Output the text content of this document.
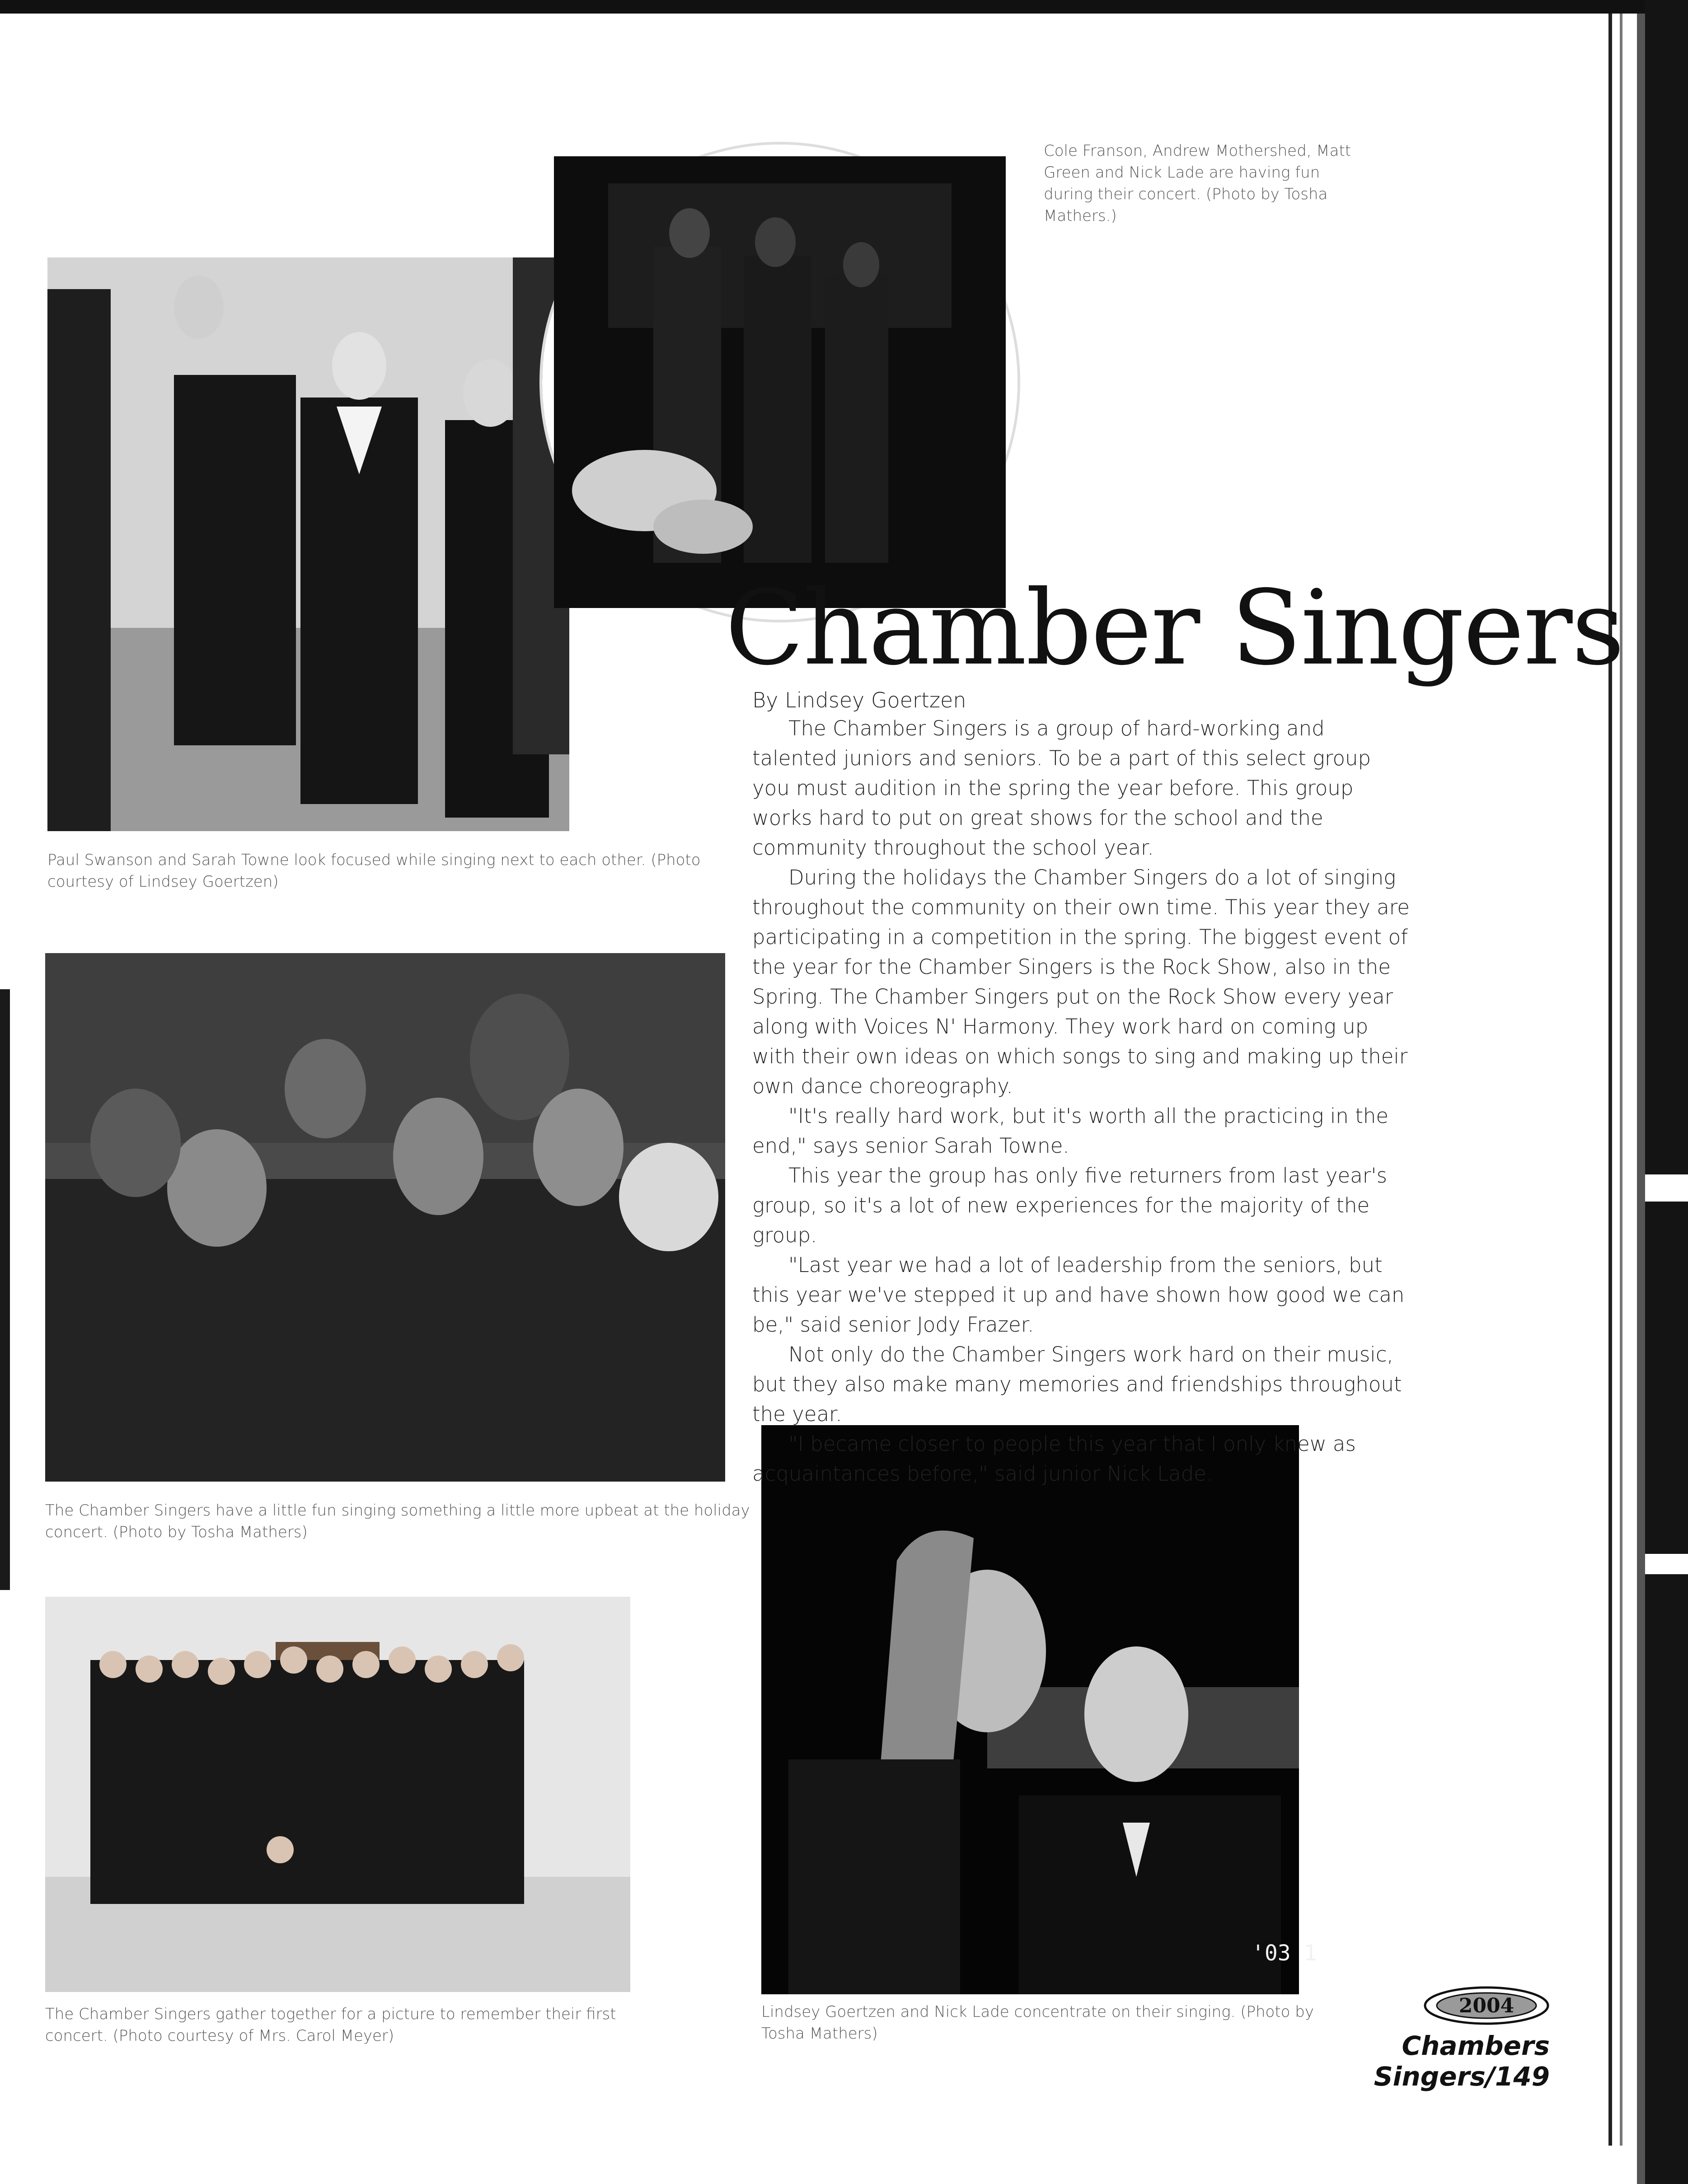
Paul Swanson and Sarah Towne look focused while singing next to each other. (Photo courtesy of Lindsey Goertzen)
Cole Franson, Andrew Mothershed, Matt Green and Nick Lade are having fun during their concert. (Photo by Tosha Mathers.)
The Chamber Singers have a little fun singing something a little more upbeat at the holiday concert. (Photo by Tosha Mathers)
The Chamber Singers gather together for a picture to remember their first concert. (Photo courtesy of Mrs. Carol Meyer)
'03 1
Lindsey Goertzen and Nick Lade concentrate on their singing. (Photo by Tosha Mathers)
Chamber Singers
By Lindsey Goertzen

The Chamber Singers is a group of hard-working and talented juniors and seniors. To be a part of this select group you must audition in the spring the year before. This group works hard to put on great shows for the school and the community throughout the school year.

During the holidays the Chamber Singers do a lot of singing throughout the community on their own time. This year they are participating in a competition in the spring. The biggest event of the year for the Chamber Singers is the Rock Show, also in the Spring. The Chamber Singers put on the Rock Show every year along with Voices N' Harmony. They work hard on coming up with their own ideas on which songs to sing and making up their own dance choreography.

"It's really hard work, but it's worth all the practicing in the end," says senior Sarah Towne.

This year the group has only five returners from last year's group, so it's a lot of new experiences for the majority of the group.

"Last year we had a lot of leadership from the seniors, but this year we've stepped it up and have shown how good we can be," said senior Jody Frazer.

Not only do the Chamber Singers work hard on their music, but they also make many memories and friendships throughout the year.

"I became closer to people this year that I only knew as acquaintances before," said junior Nick Lade.

2004
Chambers Singers/149
